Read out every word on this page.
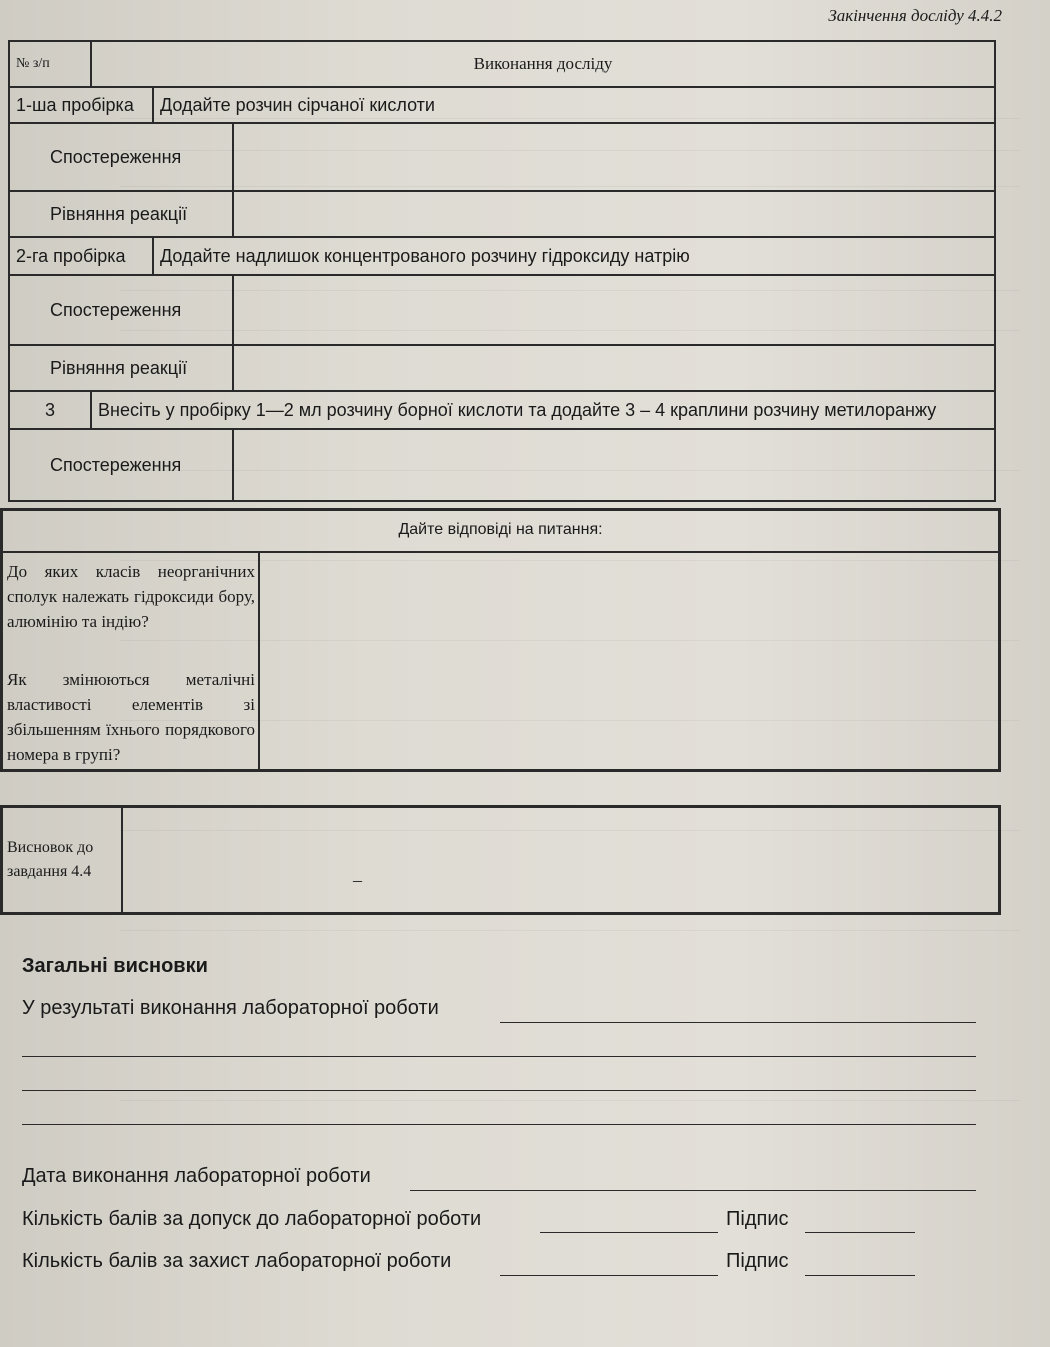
Закінчення досліду 4.4.2
№ з/п	Виконання досліду		
1-ша пробірка		Додайте розчин сірчаної кислоти	
Спостереження			
Рівняння реакції			
2-га пробірка		Додайте надлишок концентрованого розчину гідроксиду натрію	
Спостереження			
Рівняння реакції			
3	Внесіть у пробірку 1—2 мл розчину борної кислоти та додайте 3 – 4 краплини розчину метилоранжу		
Спостереження			
Дайте відповіді на питання:
До яких класів неорганічних сполук належать гідроксиди бору, алюмінію та індію?
Як змінюються металічні властивості елементів зі збільшенням їхнього порядкового номера в групі?
Висновок до завдання 4.4	–
Загальні висновки
У результаті виконання лабораторної роботи
Дата виконання лабораторної роботи
Кількість балів за допуск до лабораторної роботи	Підпис
Кількість балів за захист лабораторної роботи	Підпис
